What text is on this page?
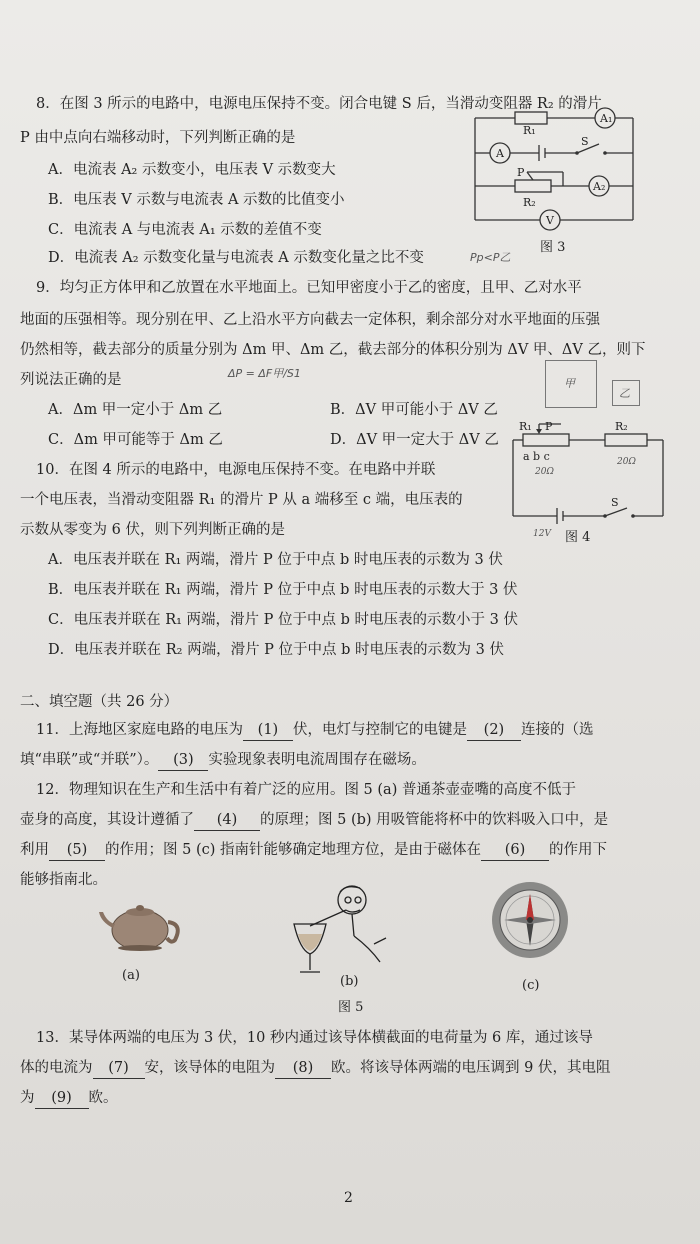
8．在图 3 所示的电路中，电源电压保持不变。闭合电键 S 后，当滑动变阻器 R₂ 的滑片
P 由中点向右端移动时，下列判断正确的是
A．电流表 A₂ 示数变小，电压表 V 示数变大
B．电压表 V 示数与电流表 A 示数的比值变小
C．电流表 A 与电流表 A₁ 示数的差值不变
D．电流表 A₂ 示数变化量与电流表 A 示数变化量之比不变	Pp<P乙
R₁
A₁
A
S
P
A₂
R₂
V
图 3
9．均匀正方体甲和乙放置在水平地面上。已知甲密度小于乙的密度，且甲、乙对水平
地面的压强相等。现分别在甲、乙上沿水平方向截去一定体积，剩余部分对水平地面的压强
仍然相等，截去部分的质量分别为 Δm 甲、Δm 乙，截去部分的体积分别为 ΔV 甲、ΔV 乙，则下
列说法正确的是	ΔP = ΔF甲/S1
A．Δm 甲一定小于 Δm 乙	B．ΔV 甲可能小于 ΔV 乙
C．Δm 甲可能等于 Δm 乙	D．ΔV 甲一定大于 ΔV 乙
甲
乙
10．在图 4 所示的电路中，电源电压保持不变。在电路中并联
一个电压表，当滑动变阻器 R₁ 的滑片 P 从 a 端移至 c 端，电压表的
示数从零变为 6 伏，则下列判断正确的是
A．电压表并联在 R₁ 两端，滑片 P 位于中点 b 时电压表的示数为 3 伏
B．电压表并联在 R₁ 两端，滑片 P 位于中点 b 时电压表的示数大于 3 伏
C．电压表并联在 R₁ 两端，滑片 P 位于中点 b 时电压表的示数小于 3 伏
D．电压表并联在 R₂ 两端，滑片 P 位于中点 b 时电压表的示数为 3 伏
R₁ P
a b c
R₂
S
20Ω
20Ω
12V 图 4
二、填空题（共 26 分）
11．上海地区家庭电路的电压为 (1) 伏，电灯与控制它的电键是 (2) 连接的（选
填“串联”或“并联”）。 (3) 实验现象表明电流周围存在磁场。
12．物理知识在生产和生活中有着广泛的应用。图 5 (a) 普通茶壶壶嘴的高度不低于
壶身的高度，其设计遵循了 (4) 的原理；图 5 (b) 用吸管能将杯中的饮料吸入口中，是
利用 (5) 的作用；图 5 (c) 指南针能够确定地理方位，是由于磁体在 (6) 的作用下
能够指南北。
(a)	(b)
图 5
(c)
13．某导体两端的电压为 3 伏，10 秒内通过该导体横截面的电荷量为 6 库，通过该导
体的电流为 (7) 安，该导体的电阻为 (8) 欧。将该导体两端的电压调到 9 伏，其电阻
为 (9) 欧。
2
